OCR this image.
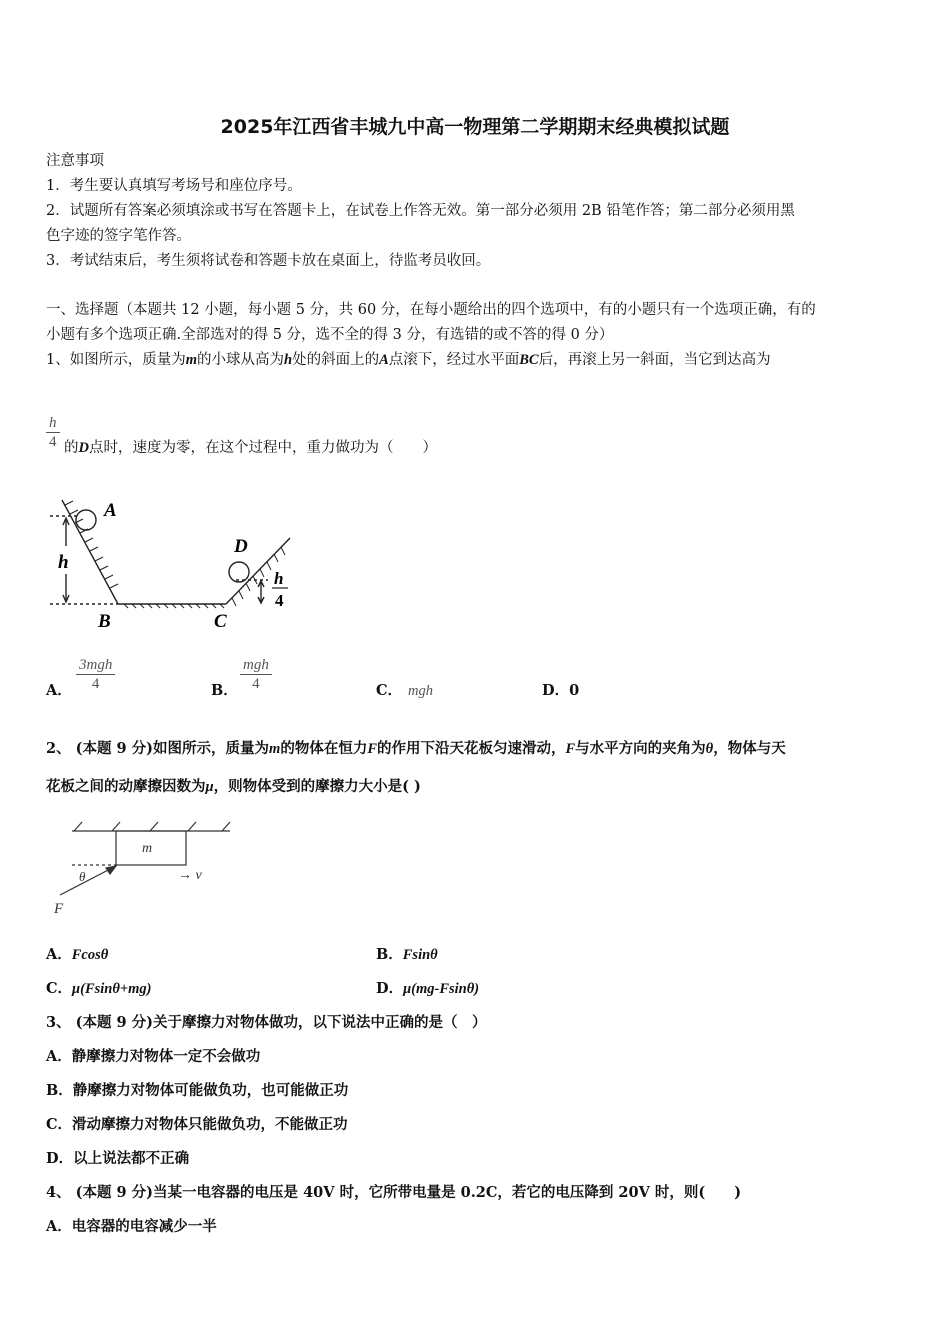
2025年江西省丰城九中高一物理第二学期期末经典模拟试题
注意事项
1．考生要认真填写考场号和座位序号。
2．试题所有答案必须填涂或书写在答题卡上，在试卷上作答无效。第一部分必须用 2B 铅笔作答；第二部分必须用黑
色字迹的签字笔作答。
3．考试结束后，考生须将试卷和答题卡放在桌面上，待监考员收回。
一、选择题（本题共 12 小题，每小题 5 分，共 60 分，在每小题给出的四个选项中，有的小题只有一个选项正确，有的
小题有多个选项正确.全部选对的得 5 分，选不全的得 3 分，有选错的或不答的得 0 分）
1、如图所示，质量为m的小球从高为h处的斜面上的A点滚下，经过水平面BC后，再滚上另一斜面，当它到达高为
$\frac{h}{4}$ 的D点时，速度为零，在这个过程中，重力做功为（　　）
A
h
B	C
D
h
4
A．
3mgh
4	B．
mgh
4	C． mgh	D．0
2、 (本题 9 分)如图所示，质量为m的物体在恒力F的作用下沿天花板匀速滑动，F与水平方向的夹角为θ，物体与天
花板之间的动摩擦因数为μ，则物体受到的摩擦力大小是( )
m
θ	→ v
F
A．Fcosθ	B．Fsinθ
C．μ(Fsinθ+mg)	D．μ(mg-Fsinθ)
3、 (本题 9 分)关于摩擦力对物体做功，以下说法中正确的是（　）
A．静摩擦力对物体一定不会做功
B．静摩擦力对物体可能做负功，也可能做正功
C．滑动摩擦力对物体只能做负功，不能做正功
D．以上说法都不正确
4、 (本题 9 分)当某一电容器的电压是 40V 时，它所带电量是 0.2C，若它的电压降到 20V 时，则(　　)
A．电容器的电容减少一半
